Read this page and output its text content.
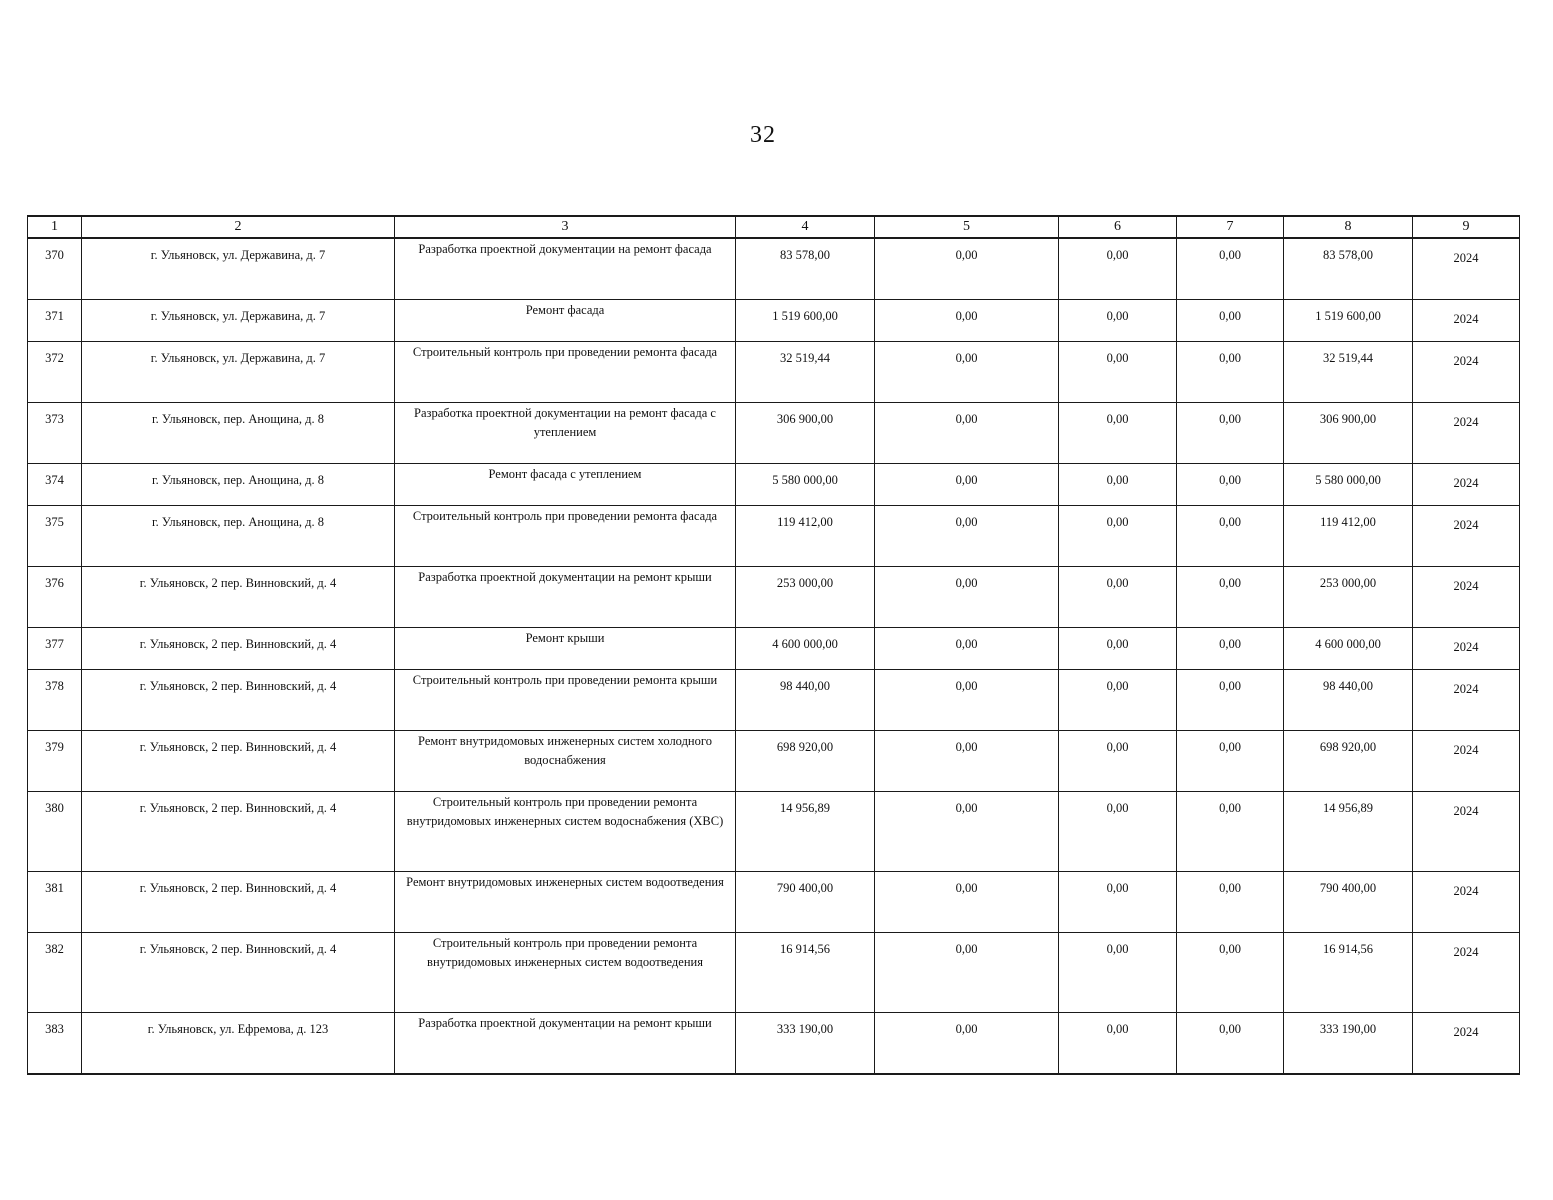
32
1	2	3	4	5	6	7	8	9
370	г. Ульяновск, ул. Державина, д. 7	Разработка проектной документации на ремонт фасада	83 578,00	0,00	0,00	0,00	83 578,00	2024
371	г. Ульяновск, ул. Державина, д. 7	Ремонт фасада	1 519 600,00	0,00	0,00	0,00	1 519 600,00	2024
372	г. Ульяновск, ул. Державина, д. 7	Строительный контроль при проведении ремонта фасада	32 519,44	0,00	0,00	0,00	32 519,44	2024
373	г. Ульяновск, пер. Анощина, д. 8	Разработка проектной документации на ремонт фасада с утеплением	306 900,00	0,00	0,00	0,00	306 900,00	2024
374	г. Ульяновск, пер. Анощина, д. 8	Ремонт фасада с утеплением	5 580 000,00	0,00	0,00	0,00	5 580 000,00	2024
375	г. Ульяновск, пер. Анощина, д. 8	Строительный контроль при проведении ремонта фасада	119 412,00	0,00	0,00	0,00	119 412,00	2024
376	г. Ульяновск, 2 пер. Винновский, д. 4	Разработка проектной документации на ремонт крыши	253 000,00	0,00	0,00	0,00	253 000,00	2024
377	г. Ульяновск, 2 пер. Винновский, д. 4	Ремонт крыши	4 600 000,00	0,00	0,00	0,00	4 600 000,00	2024
378	г. Ульяновск, 2 пер. Винновский, д. 4	Строительный контроль при проведении ремонта крыши	98 440,00	0,00	0,00	0,00	98 440,00	2024
379	г. Ульяновск, 2 пер. Винновский, д. 4	Ремонт внутридомовых инженерных систем холодного водоснабжения	698 920,00	0,00	0,00	0,00	698 920,00	2024
380	г. Ульяновск, 2 пер. Винновский, д. 4	Строительный контроль при проведении ремонта внутридомовых инженерных систем водоснабжения (ХВС)	14 956,89	0,00	0,00	0,00	14 956,89	2024
381	г. Ульяновск, 2 пер. Винновский, д. 4	Ремонт внутридомовых инженерных систем водоотведения	790 400,00	0,00	0,00	0,00	790 400,00	2024
382	г. Ульяновск, 2 пер. Винновский, д. 4	Строительный контроль при проведении ремонта внутридомовых инженерных систем водоотведения	16 914,56	0,00	0,00	0,00	16 914,56	2024
383	г. Ульяновск, ул. Ефремова, д. 123	Разработка проектной документации на ремонт крыши	333 190,00	0,00	0,00	0,00	333 190,00	2024
